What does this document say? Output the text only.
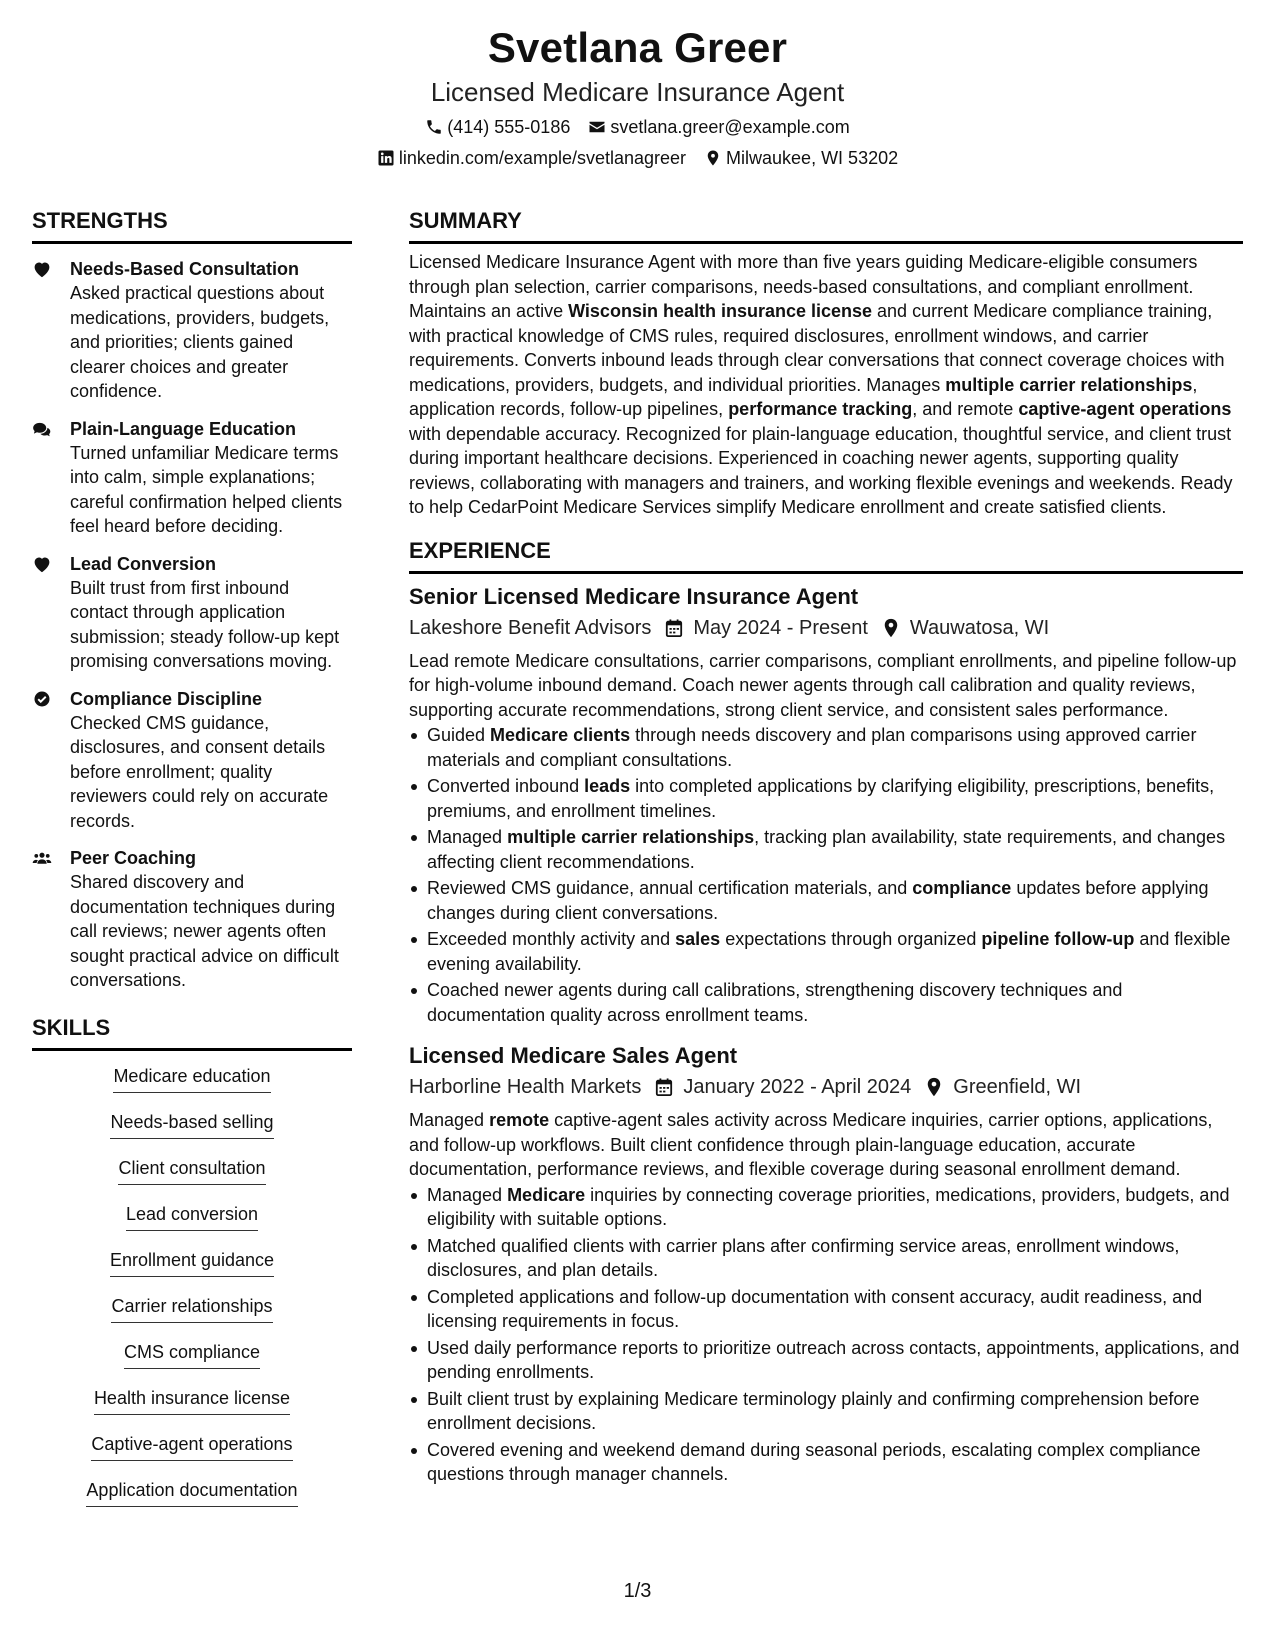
Svetlana Greer
Licensed Medicare Insurance Agent
(414) 555-0186 svetlana.greer@example.com
linkedin.com/example/svetlanagreer Milwaukee, WI 53202
STRENGTHS
Needs-Based Consultation
Asked practical questions about medications, providers, budgets, and priorities; clients gained clearer choices and greater confidence.
Plain-Language Education
Turned unfamiliar Medicare terms into calm, simple explanations; careful confirmation helped clients feel heard before deciding.
Lead Conversion
Built trust from first inbound contact through application submission; steady follow-up kept promising conversations moving.
Compliance Discipline
Checked CMS guidance, disclosures, and consent details before enrollment; quality reviewers could rely on accurate records.
Peer Coaching
Shared discovery and documentation techniques during call reviews; newer agents often sought practical advice on difficult conversations.
SKILLS
Medicare education
Needs-based selling
Client consultation
Lead conversion
Enrollment guidance
Carrier relationships
CMS compliance
Health insurance license
Captive-agent operations
Application documentation
SUMMARY
Licensed Medicare Insurance Agent with more than five years guiding Medicare-eligible consumers through plan selection, carrier comparisons, needs-based consultations, and compliant enrollment. Maintains an active Wisconsin health insurance license and current Medicare compliance training, with practical knowledge of CMS rules, required disclosures, enrollment windows, and carrier requirements. Converts inbound leads through clear conversations that connect coverage choices with medications, providers, budgets, and individual priorities. Manages multiple carrier relationships, application records, follow-up pipelines, performance tracking, and remote captive-agent operations with dependable accuracy. Recognized for plain-language education, thoughtful service, and client trust during important healthcare decisions. Experienced in coaching newer agents, supporting quality reviews, collaborating with managers and trainers, and working flexible evenings and weekends. Ready to help CedarPoint Medicare Services simplify Medicare enrollment and create satisfied clients.
EXPERIENCE
Senior Licensed Medicare Insurance Agent
Lakeshore Benefit Advisors May 2024 - Present Wauwatosa, WI
Lead remote Medicare consultations, carrier comparisons, compliant enrollments, and pipeline follow-up for high-volume inbound demand. Coach newer agents through call calibration and quality reviews, supporting accurate recommendations, strong client service, and consistent sales performance.
Guided Medicare clients through needs discovery and plan comparisons using approved carrier materials and compliant consultations.
Converted inbound leads into completed applications by clarifying eligibility, prescriptions, benefits, premiums, and enrollment timelines.
Managed multiple carrier relationships, tracking plan availability, state requirements, and changes affecting client recommendations.
Reviewed CMS guidance, annual certification materials, and compliance updates before applying changes during client conversations.
Exceeded monthly activity and sales expectations through organized pipeline follow-up and flexible evening availability.
Coached newer agents during call calibrations, strengthening discovery techniques and documentation quality across enrollment teams.
Licensed Medicare Sales Agent
Harborline Health Markets January 2022 - April 2024 Greenfield, WI
Managed remote captive-agent sales activity across Medicare inquiries, carrier options, applications, and follow-up workflows. Built client confidence through plain-language education, accurate documentation, performance reviews, and flexible coverage during seasonal enrollment demand.
Managed Medicare inquiries by connecting coverage priorities, medications, providers, budgets, and eligibility with suitable options.
Matched qualified clients with carrier plans after confirming service areas, enrollment windows, disclosures, and plan details.
Completed applications and follow-up documentation with consent accuracy, audit readiness, and licensing requirements in focus.
Used daily performance reports to prioritize outreach across contacts, appointments, applications, and pending enrollments.
Built client trust by explaining Medicare terminology plainly and confirming comprehension before enrollment decisions.
Covered evening and weekend demand during seasonal periods, escalating complex compliance questions through manager channels.
1/3
